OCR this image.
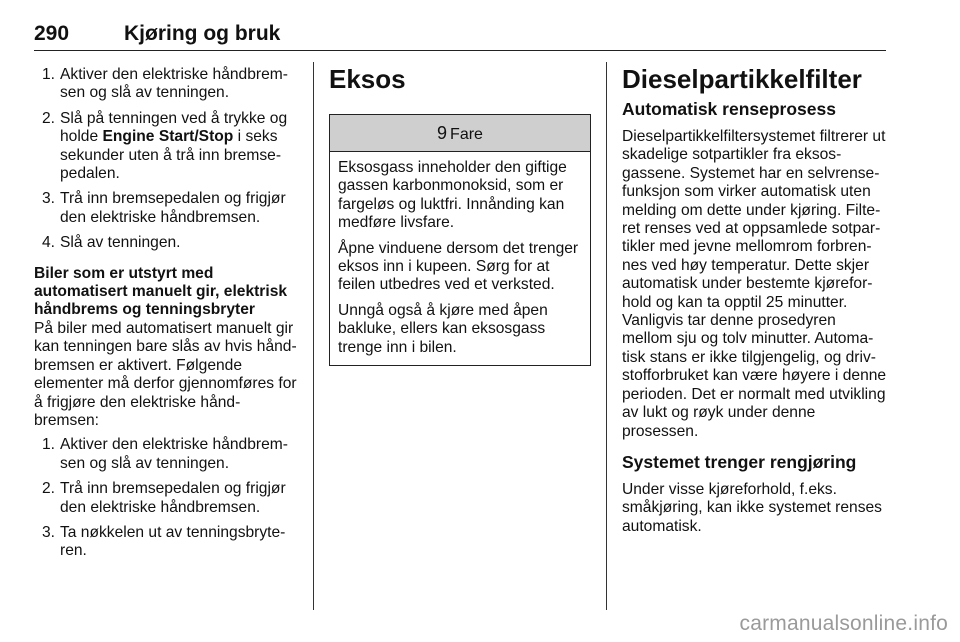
290	Kjøring og bruk
1. Aktiver den elektriske håndbremsen og slå av tenningen.
2. Slå på tenningen ved å trykke og holde Engine Start/Stop i seks sekunder uten å trå inn bremsepedalen.
3. Trå inn bremsepedalen og frigjør den elektriske håndbremsen.
4. Slå av tenningen.

Biler som er utstyrt med automatisert manuelt gir, elektrisk håndbrems og tenningsbryter

På biler med automatisert manuelt gir kan tenningen bare slås av hvis håndbremsen er aktivert. Følgende elementer må derfor gjennomføres for å frigjøre den elektriske håndbremsen:

1. Aktiver den elektriske håndbremsen og slå av tenningen.
2. Trå inn bremsepedalen og frigjør den elektriske håndbremsen.
3. Ta nøkkelen ut av tenningsbryteren.
Eksos
9 Fare

Eksosgass inneholder den giftige gassen karbonmonoksid, som er fargeløs og luktfri. Innånding kan medføre livsfare.

Åpne vinduene dersom det trenger eksos inn i kupeen. Sørg for at feilen utbedres ved et verksted.

Unngå også å kjøre med åpen bakluke, ellers kan eksosgass trenge inn i bilen.

Dieselpartikkelfilter
Automatisk renseprosess

Dieselpartikkelfiltersystemet filtrerer ut skadelige sotpartikler fra eksosgassene. Systemet har en selvrensefunksjon som virker automatisk uten melding om dette under kjøring. Filteret renses ved at oppsamlede sotpartikler med jevne mellomrom forbrennes ved høy temperatur. Dette skjer automatisk under bestemte kjøreforhold og kan ta opptil 25 minutter. Vanligvis tar denne prosedyren mellom sju og tolv minutter. Automatisk stans er ikke tilgjengelig, og drivstofforbruket kan være høyere i denne perioden. Det er normalt med utvikling av lukt og røyk under denne prosessen.

Systemet trenger rengjøring

Under visse kjøreforhold, f.eks. småkjøring, kan ikke systemet renses automatisk.

carmanualsonline.info
